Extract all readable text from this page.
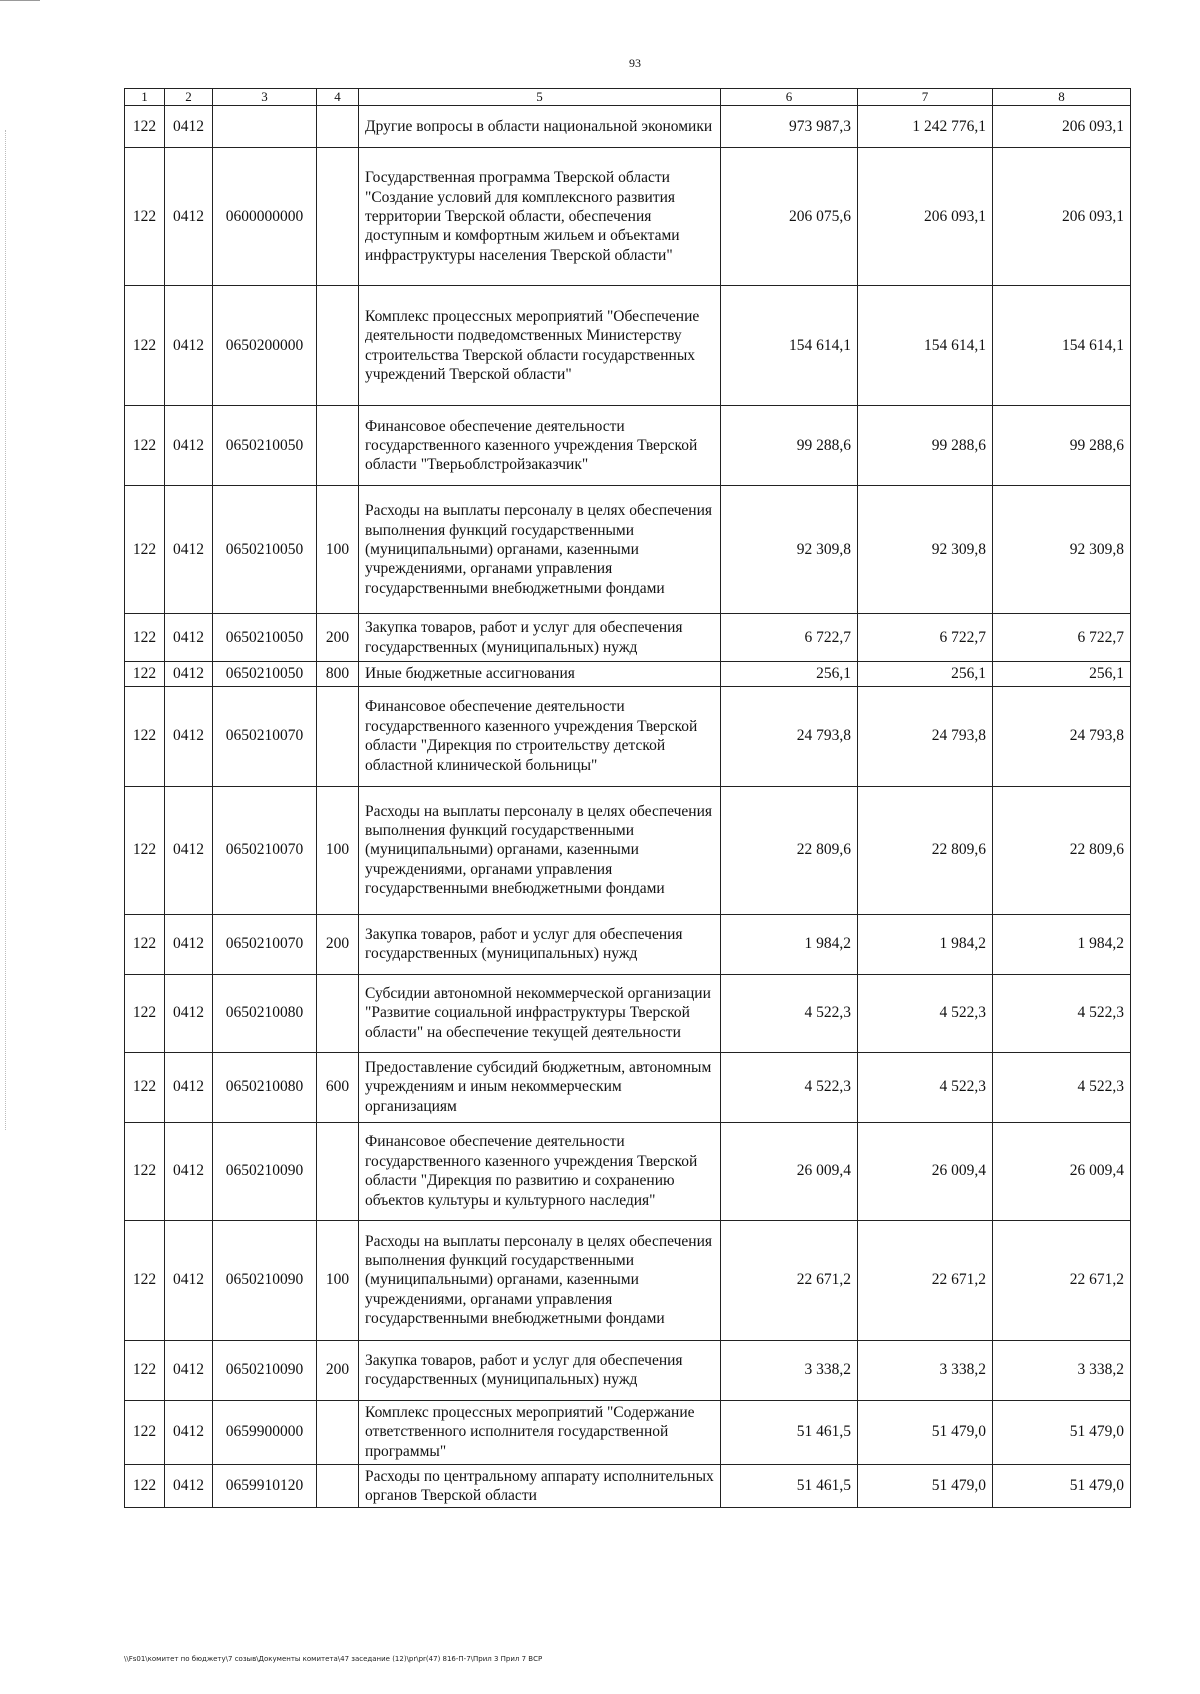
93
1	2	3	4	5	6	7	8
122	0412			Другие вопросы в области национальной экономики	973 987,3	1 242 776,1	206 093,1
122	0412	0600000000		Государственная программа Тверской области "Создание условий для комплексного развития территории Тверской области, обеспечения доступным и комфортным жильем и объектами инфраструктуры населения Тверской области"	206 075,6	206 093,1	206 093,1
122	0412	0650200000		Комплекс процессных мероприятий "Обеспечение деятельности подведомственных Министерству строительства Тверской области государственных учреждений Тверской области"	154 614,1	154 614,1	154 614,1
122	0412	0650210050		Финансовое обеспечение деятельности государственного казенного учреждения Тверской области "Тверьоблстройзаказчик"	99 288,6	99 288,6	99 288,6
122	0412	0650210050	100	Расходы на выплаты персоналу в целях обеспечения выполнения функций государственными (муниципальными) органами, казенными учреждениями, органами управления государственными внебюджетными фондами	92 309,8	92 309,8	92 309,8
122	0412	0650210050	200	Закупка товаров, работ и услуг для обеспечения государственных (муниципальных) нужд	6 722,7	6 722,7	6 722,7
122	0412	0650210050	800	Иные бюджетные ассигнования	256,1	256,1	256,1
122	0412	0650210070		Финансовое обеспечение деятельности государственного казенного учреждения Тверской области "Дирекция по строительству детской областной клинической больницы"	24 793,8	24 793,8	24 793,8
122	0412	0650210070	100	Расходы на выплаты персоналу в целях обеспечения выполнения функций государственными (муниципальными) органами, казенными учреждениями, органами управления государственными внебюджетными фондами	22 809,6	22 809,6	22 809,6
122	0412	0650210070	200	Закупка товаров, работ и услуг для обеспечения государственных (муниципальных) нужд	1 984,2	1 984,2	1 984,2
122	0412	0650210080		Субсидии автономной некоммерческой организации "Развитие социальной инфраструктуры Тверской области" на обеспечение текущей деятельности	4 522,3	4 522,3	4 522,3
122	0412	0650210080	600	Предоставление субсидий бюджетным, автономным учреждениям и иным некоммерческим организациям	4 522,3	4 522,3	4 522,3
122	0412	0650210090		Финансовое обеспечение деятельности государственного казенного учреждения Тверской области "Дирекция по развитию и сохранению объектов культуры и культурного наследия"	26 009,4	26 009,4	26 009,4
122	0412	0650210090	100	Расходы на выплаты персоналу в целях обеспечения выполнения функций государственными (муниципальными) органами, казенными учреждениями, органами управления государственными внебюджетными фондами	22 671,2	22 671,2	22 671,2
122	0412	0650210090	200	Закупка товаров, работ и услуг для обеспечения государственных (муниципальных) нужд	3 338,2	3 338,2	3 338,2
122	0412	0659900000		Комплекс процессных мероприятий "Содержание ответственного исполнителя государственной программы"	51 461,5	51 479,0	51 479,0
122	0412	0659910120		Расходы по центральному аппарату исполнительных органов Тверской области	51 461,5	51 479,0	51 479,0
\\Fs01\комитет по бюджету\7 созыв\Документы комитета\47 заседание (12)\pr\pr(47) 816-П-7\Прил 3 Прил 7 ВСР
